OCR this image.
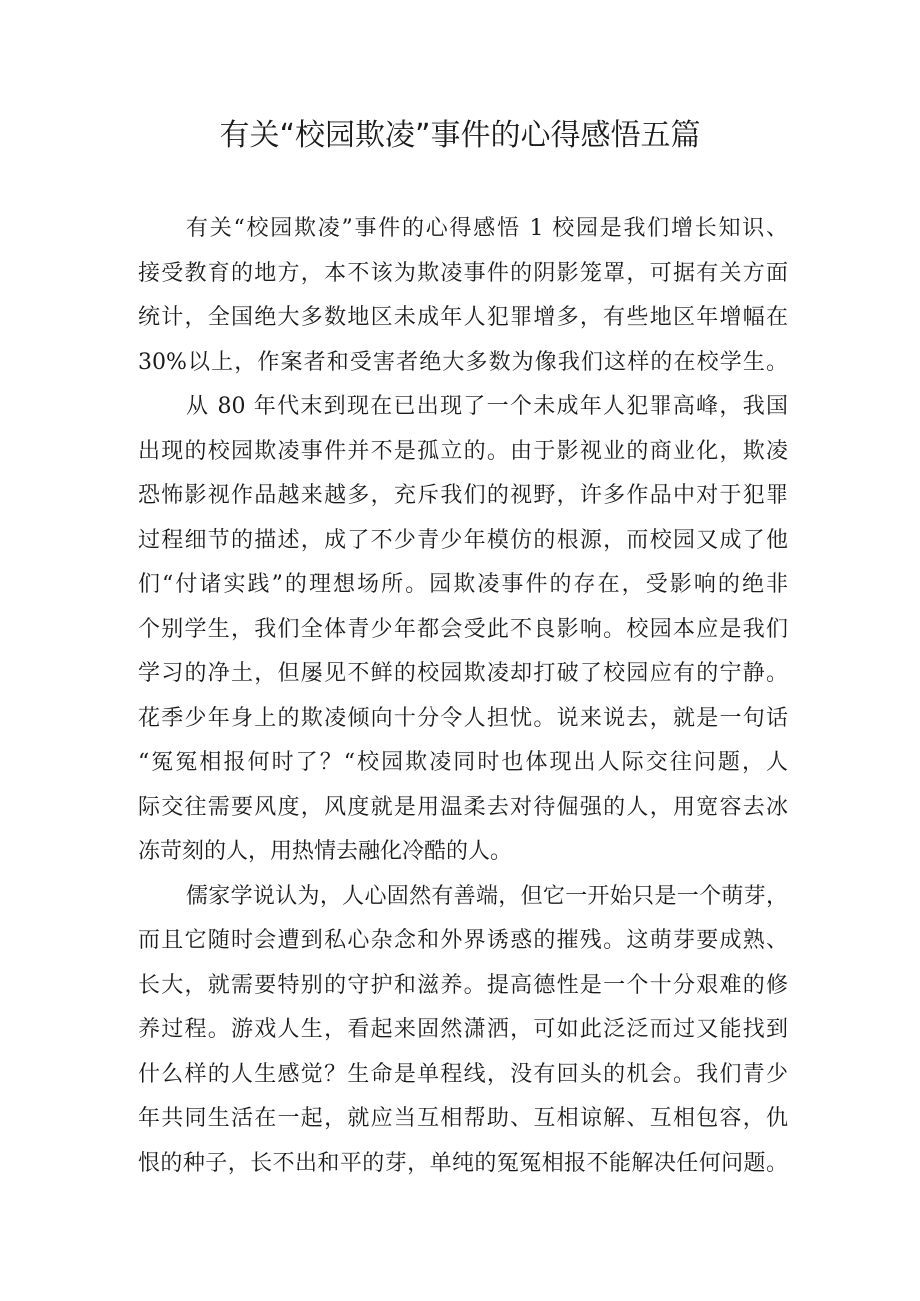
有关“校园欺凌”事件的心得感悟五篇
有关“校园欺凌”事件的心得感悟 1 校园是我们增长知识、
接受教育的地方，本不该为欺凌事件的阴影笼罩，可据有关方面
统计，全国绝大多数地区未成年人犯罪增多，有些地区年增幅在
30%以上，作案者和受害者绝大多数为像我们这样的在校学生。
从 80 年代末到现在已出现了一个未成年人犯罪高峰，我国
出现的校园欺凌事件并不是孤立的。由于影视业的商业化，欺凌
恐怖影视作品越来越多，充斥我们的视野，许多作品中对于犯罪
过程细节的描述，成了不少青少年模仿的根源，而校园又成了他
们“付诸实践”的理想场所。园欺凌事件的存在，受影响的绝非
个别学生，我们全体青少年都会受此不良影响。校园本应是我们
学习的净土，但屡见不鲜的校园欺凌却打破了校园应有的宁静。
花季少年身上的欺凌倾向十分令人担忧。说来说去，就是一句话
“冤冤相报何时了？“校园欺凌同时也体现出人际交往问题，人
际交往需要风度，风度就是用温柔去对待倔强的人，用宽容去冰
冻苛刻的人，用热情去融化冷酷的人。
儒家学说认为，人心固然有善端，但它一开始只是一个萌芽，
而且它随时会遭到私心杂念和外界诱惑的摧残。这萌芽要成熟、
长大，就需要特别的守护和滋养。提高德性是一个十分艰难的修
养过程。游戏人生，看起来固然潇洒，可如此泛泛而过又能找到
什么样的人生感觉？生命是单程线，没有回头的机会。我们青少
年共同生活在一起，就应当互相帮助、互相谅解、互相包容，仇
恨的种子，长不出和平的芽，单纯的冤冤相报不能解决任何问题。
